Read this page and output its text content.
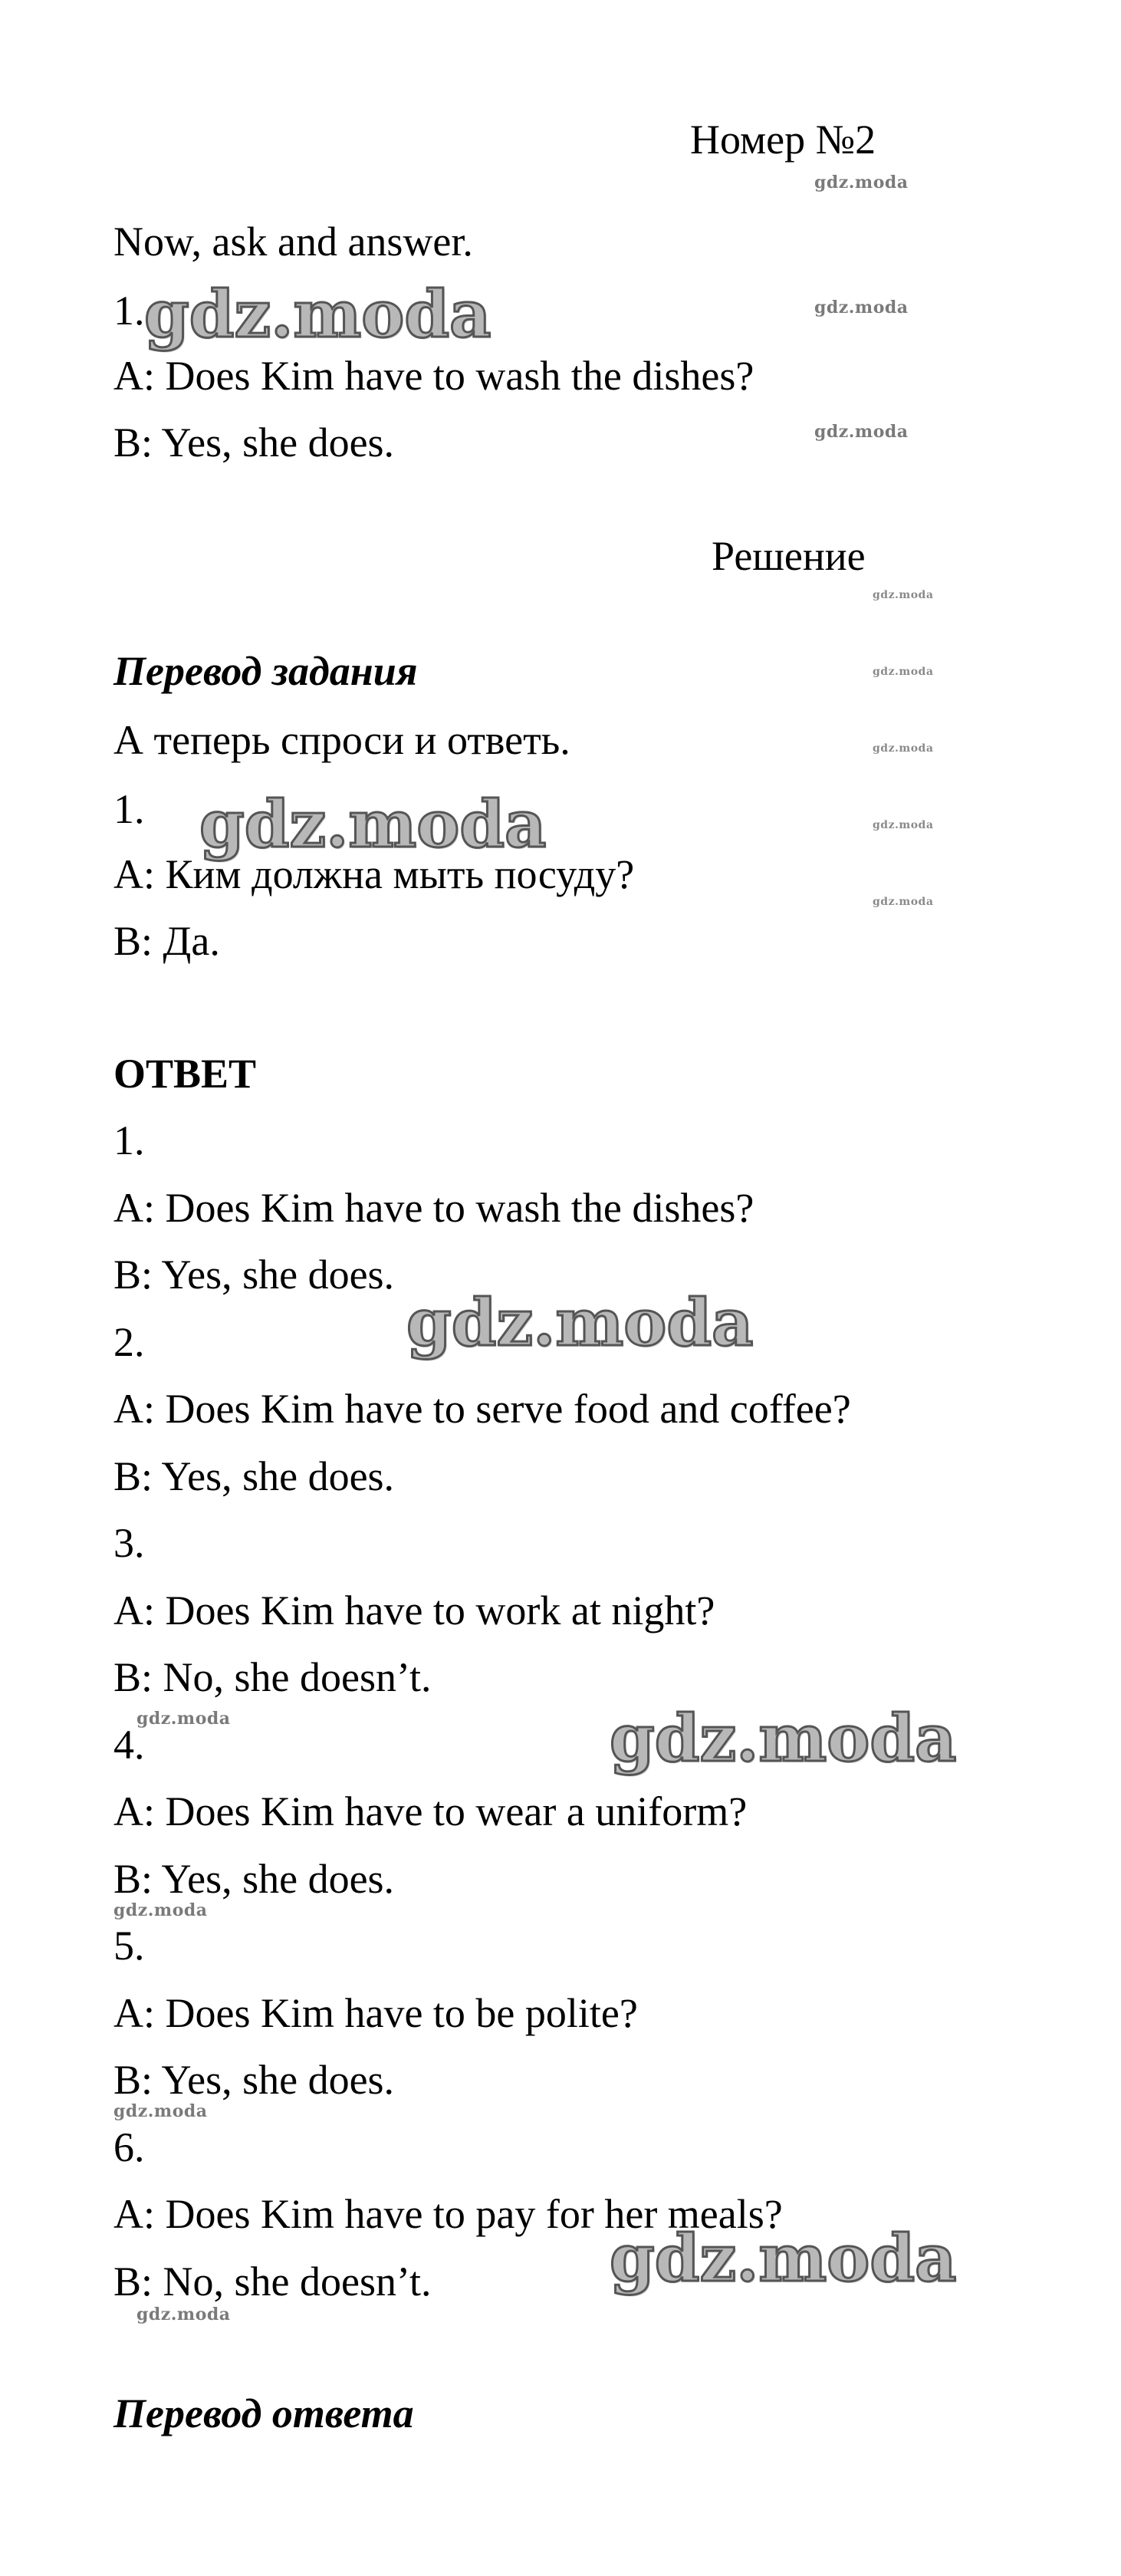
Номер №2
gdz.moda
Now, ask and answer.
1. gdz.moda	gdz.moda
A: Does Kim have to wash the dishes?
B: Yes, she does.	gdz.moda
Решение
gdz.moda
Перевод задания	gdz.moda
А теперь спроси и ответь.	gdz.moda
1. gdz.moda	gdz.moda
A: Ким должна мыть посуду?
gdz.moda
B: Да.
ОТВЕТ
1.
A: Does Kim have to wash the dishes?
B: Yes, she does.
gdz.moda
2.
A: Does Kim have to serve food and coffee?
B: Yes, she does.
3.
A: Does Kim have to work at night?
B: No, she doesn’t.
gdz.moda
4.	gdz.moda
A: Does Kim have to wear a uniform?
B: Yes, she does.
gdz.moda
5.
A: Does Kim have to be polite?
B: Yes, she does.
gdz.moda
6.
A: Does Kim have to pay for her meals?
gdz.moda
B: No, she doesn’t.
gdz.moda
Перевод ответа
